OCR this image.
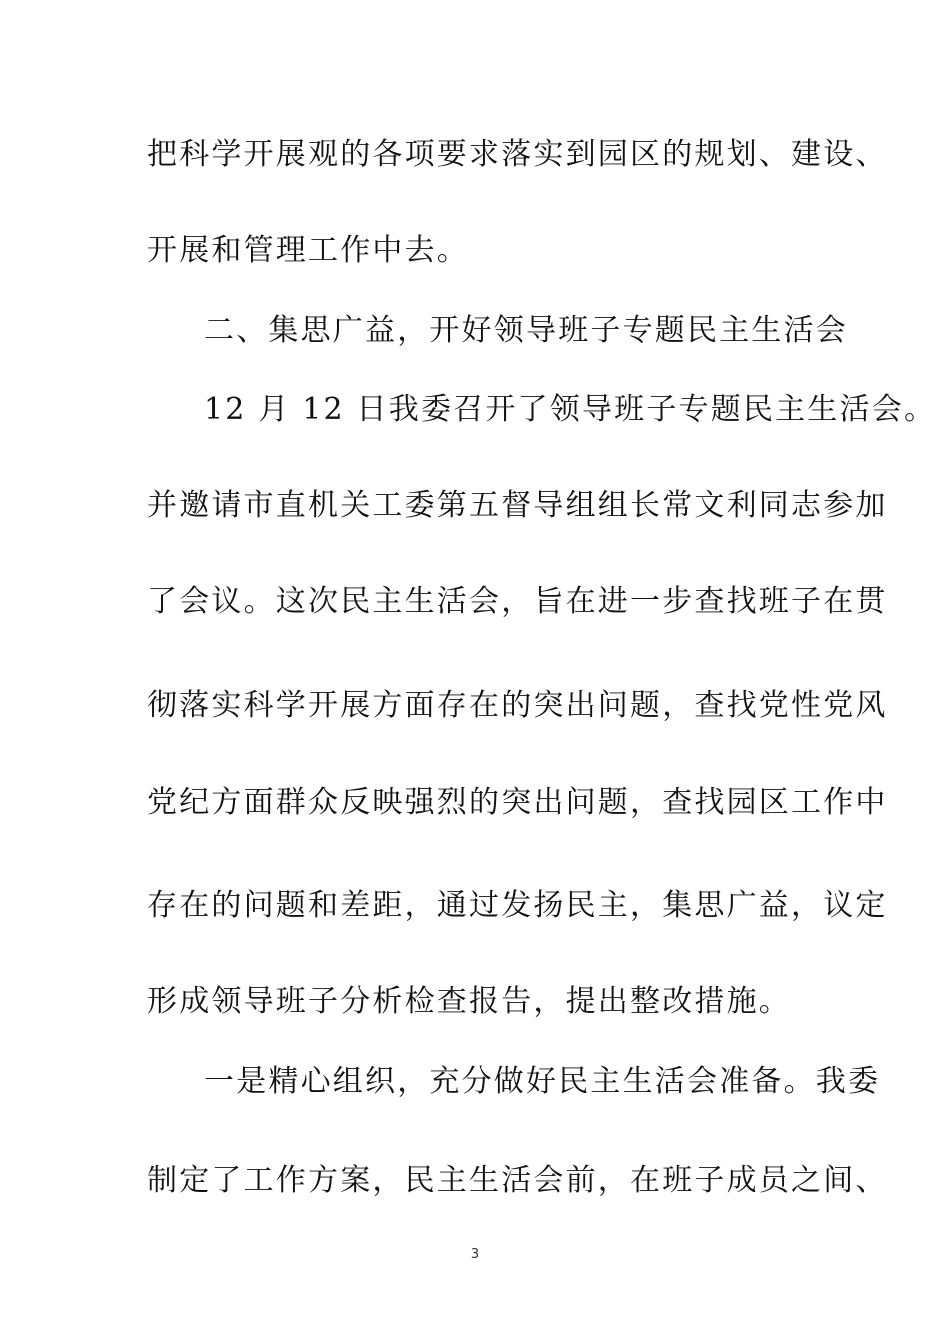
把科学开展观的各项要求落实到园区的规划、建设、
开展和管理工作中去。
二、集思广益，开好领导班子专题民主生活会
12 月 12 日我委召开了领导班子专题民主生活会。
并邀请市直机关工委第五督导组组长常文利同志参加
了会议。这次民主生活会，旨在进一步查找班子在贯
彻落实科学开展方面存在的突出问题，查找党性党风
党纪方面群众反映强烈的突出问题，查找园区工作中
存在的问题和差距，通过发扬民主，集思广益，议定
形成领导班子分析检查报告，提出整改措施。
一是精心组织，充分做好民主生活会准备。我委
制定了工作方案，民主生活会前，在班子成员之间、
3
